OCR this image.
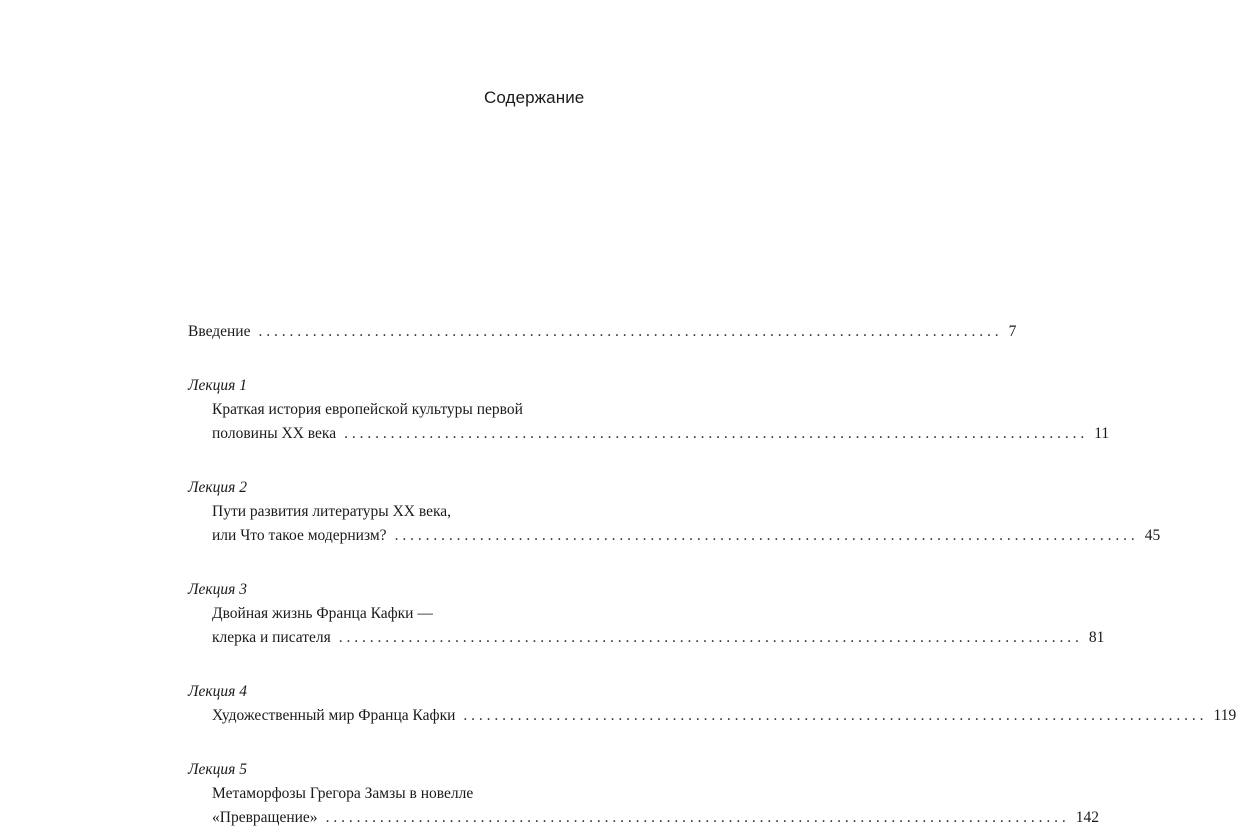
Содержание
Введение . . .	7
Лекция 1
Краткая история европейской культуры первой
половины XX века . . .	11
Лекция 2
Пути развития литературы XX века,
или Что такое модернизм? . . .	45
Лекция 3
Двойная жизнь Франца Кафки —
клерка и писателя . . .	81
Лекция 4
Художественный мир Франца Кафки . . .	119
Лекция 5
Метаморфозы Грегора Замзы в новелле
«Превращение» . . .	142
